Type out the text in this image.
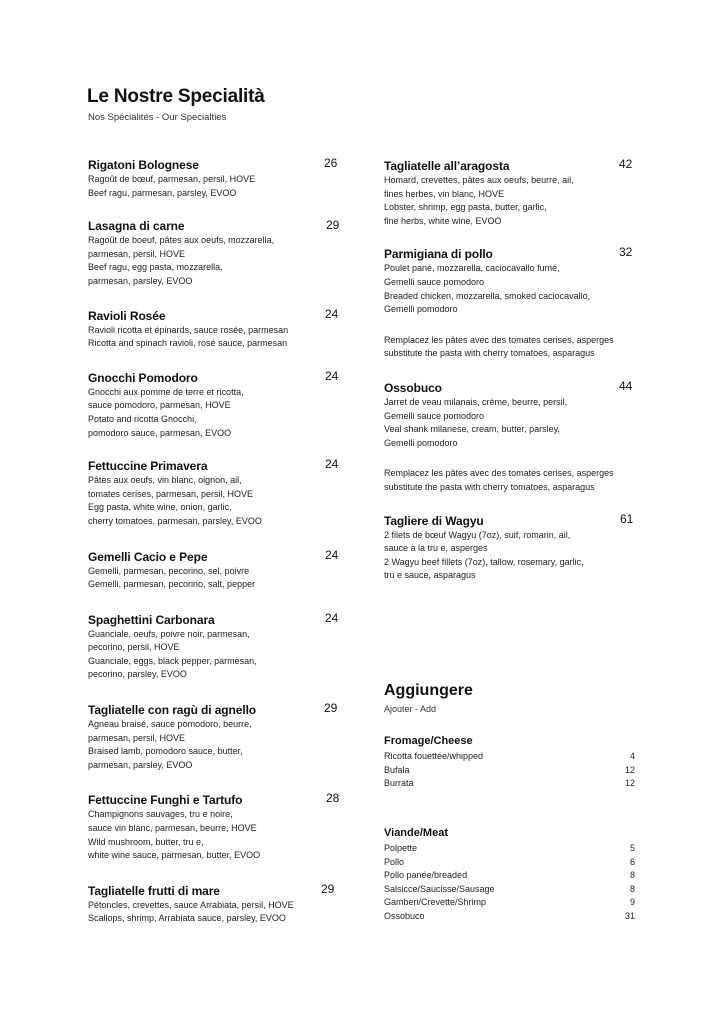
Le Nostre Specialità
Nos Spécialités - Our Specialties
Rigatoni Bolognese	26
Ragoût de bœuf, parmesan, persil, HOVE
Beef ragu, parmesan, parsley, EVOO
Lasagna di carne	29
Ragoût de boeuf, pâtes aux oeufs, mozzarella,
parmesan, persil, HOVE
Beef ragu, egg pasta, mozzarella,
parmesan, parsley, EVOO
Ravioli Rosée	24
Ravioli ricotta et épinards, sauce rosée, parmesan
Ricotta and spinach ravioli, rosé sauce, parmesan
Gnocchi Pomodoro	24
Gnocchi aux pomme de terre et ricotta,
sauce pomodoro, parmesan, HOVE
Potato and ricotta Gnocchi,
pomodoro sauce, parmesan, EVOO
Fettuccine Primavera	24
Pâtes aux oeufs, vin blanc, oignon, ail,
tomates cerises, parmesan, persil, HOVE
Egg pasta, white wine, onion, garlic,
cherry tomatoes, parmesan, parsley, EVOO
Gemelli Cacio e Pepe	24
Gemelli, parmesan, pecorino, sel, poivre
Gemelli, parmesan, pecorino, salt, pepper
Spaghettini Carbonara	24
Guanciale, oeufs, poivre noir, parmesan,
pecorino, persil, HOVE
Guanciale, eggs, black pepper, parmesan,
pecorino, parsley, EVOO
Tagliatelle con ragù di agnello	29
Agneau braisé, sauce pomodoro, beurre,
parmesan, persil, HOVE
Braised lamb, pomodoro sauce, butter,
parmesan, parsley, EVOO
Fettuccine Funghi e Tartufo	28
Champignons sauvages, tru e noire,
sauce vin blanc, parmesan, beurre, HOVE
Wild mushroom, butter, tru e,
white wine sauce, parmesan, butter, EVOO
Tagliatelle frutti di mare	29
Pétoncles, crevettes, sauce Arrabiata, persil, HOVE
Scallops, shrimp, Arrabiata sauce, parsley, EVOO
Tagliatelle all’aragosta	42
Homard, crevettes, pâtes aux oeufs, beurre, ail,
fines herbes, vin blanc, HOVE
Lobster, shrimp, egg pasta, butter, garlic,
fine herbs, white wine, EVOO
Parmigiana di pollo	32
Poulet pané, mozzarella, caciocavallo fumé,
Gemelli sauce pomodoro
Breaded chicken, mozzarella, smoked caciocavallo,
Gemelli pomodoro
Remplacez les pâtes avec des tomates cerises, asperges
substitute the pasta with cherry tomatoes, asparagus
Ossobuco	44
Jarret de veau milanais, crème, beurre, persil,
Gemelli sauce pomodoro
Veal shank milanese, cream, butter, parsley,
Gemelli pomodoro
Remplacez les pâtes avec des tomates cerises, asperges
substitute the pasta with cherry tomatoes, asparagus
Tagliere di Wagyu	61
2 filets de bœuf Wagyu (7oz), suif, romarin, ail,
sauce à la tru e, asperges
2 Wagyu beef fillets (7oz), tallow, rosemary, garlic,
tru e sauce, asparagus
Aggiungere
Ajouter - Add
Fromage/Cheese
Ricotta fouettée/whipped	4
Bufala	12
Burrata	12
Viande/Meat
Polpette	5
Pollo	6
Pollo panée/breaded	8
Salsicce/Saucisse/Sausage	8
Gamberi/Crevette/Shrimp	9
Ossobuco	31
